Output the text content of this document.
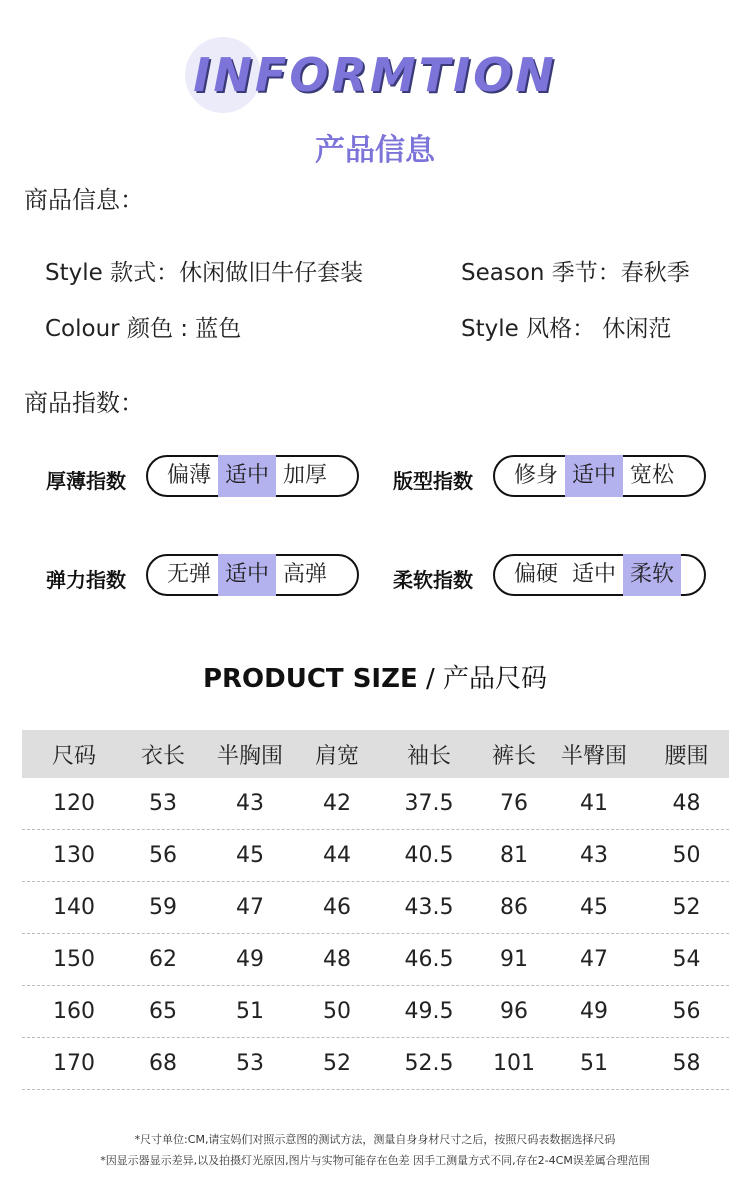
INFORMTION
产品信息
商品信息：
Style 款式：休闲做旧牛仔套装	Season 季节：春秋季
Colour 颜色 : 蓝色	Style 风格： 休闲范
商品指数：
厚薄指数	偏薄 适中 加厚	版型指数	修身 适中 宽松
弹力指数	无弹 适中 高弹	柔软指数	偏硬 适中 柔软
PRODUCT SIZE / 产品尺码
尺码	衣长	半胸围	肩宽	袖长	裤长	半臀围	腰围
120	53	43	42	37.5	76	41	48
130	56	45	44	40.5	81	43	50
140	59	47	46	43.5	86	45	52
150	62	49	48	46.5	91	47	54
160	65	51	50	49.5	96	49	56
170	68	53	52	52.5	101	51	58
*尺寸单位:CM,请宝妈们对照示意图的测试方法，测量自身身材尺寸之后，按照尺码表数据选择尺码
*因显示器显示差异,以及拍摄灯光原因,图片与实物可能存在色差 因手工测量方式不同,存在2-4CM误差属合理范围
